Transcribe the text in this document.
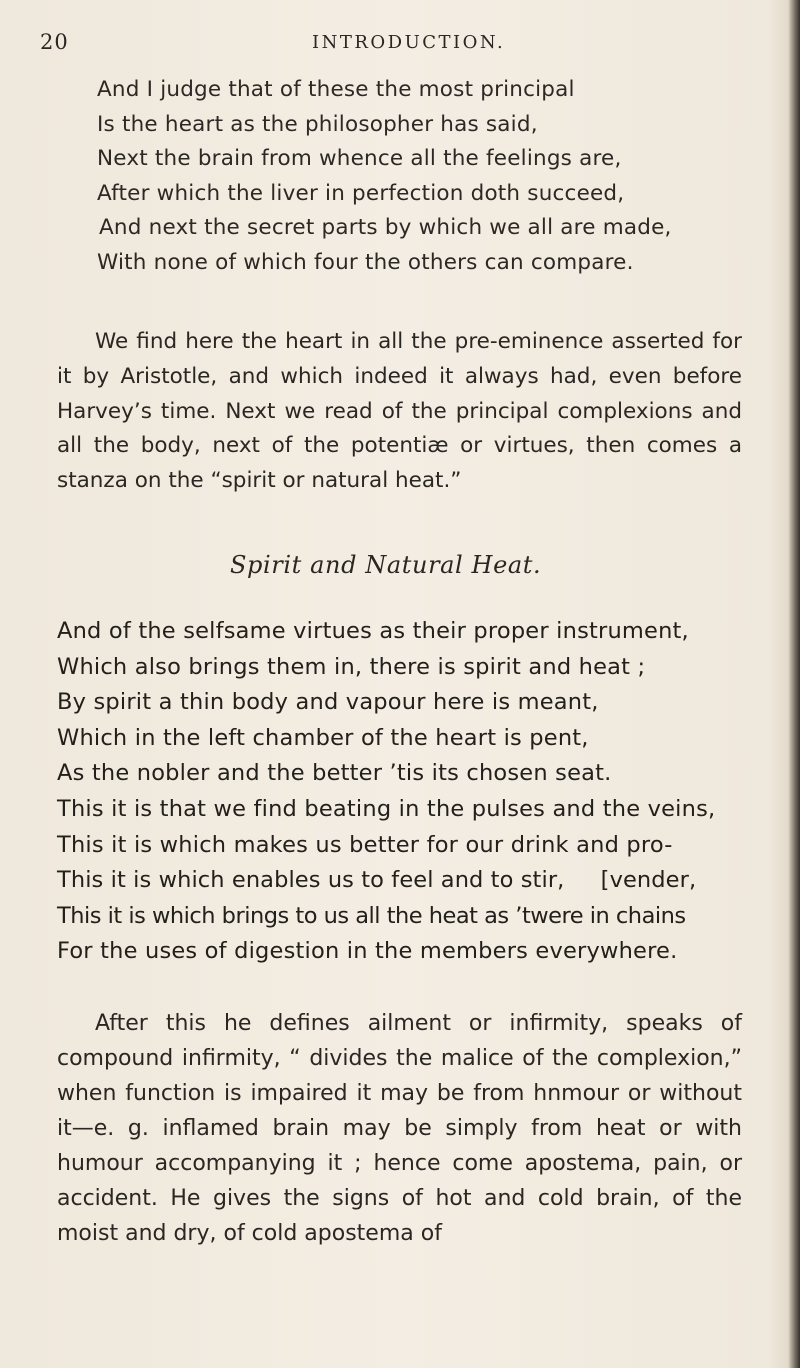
20	INTRODUCTION.
And I judge that of these the most principal
Is the heart as the philosopher has said,
Next the brain from whence all the feelings are,
After which the liver in perfection doth succeed,
And next the secret parts by which we all are made,
With none of which four the others can compare.

We find here the heart in all the pre-eminence asserted for it by Aristotle, and which indeed it always had, even before Harvey’s time. Next we read of the principal complexions and all the body, next of the potentiæ or virtues, then comes a stanza on the “spirit or natural heat.”

Spirit and Natural Heat.
And of the selfsame virtues as their proper instrument,
Which also brings them in, there is spirit and heat ;
By spirit a thin body and vapour here is meant,
Which in the left chamber of the heart is pent,
As the nobler and the better ’tis its chosen seat.
This it is that we find beating in the pulses and the veins,
This it is which makes us better for our drink and pro-
This it is which enables us to feel and to stir,     [vender,
This it is which brings to us all the heat as ’twere in chains
For the uses of digestion in the members everywhere.

After this he defines ailment or infirmity, speaks of compound infirmity, “ divides the malice of the complexion,” when function is impaired it may be from hnmour or without it—e. g. inflamed brain may be simply from heat or with humour accompanying it ; hence come apostema, pain, or accident. He gives the signs of hot and cold brain, of the moist and dry, of cold apostema of
